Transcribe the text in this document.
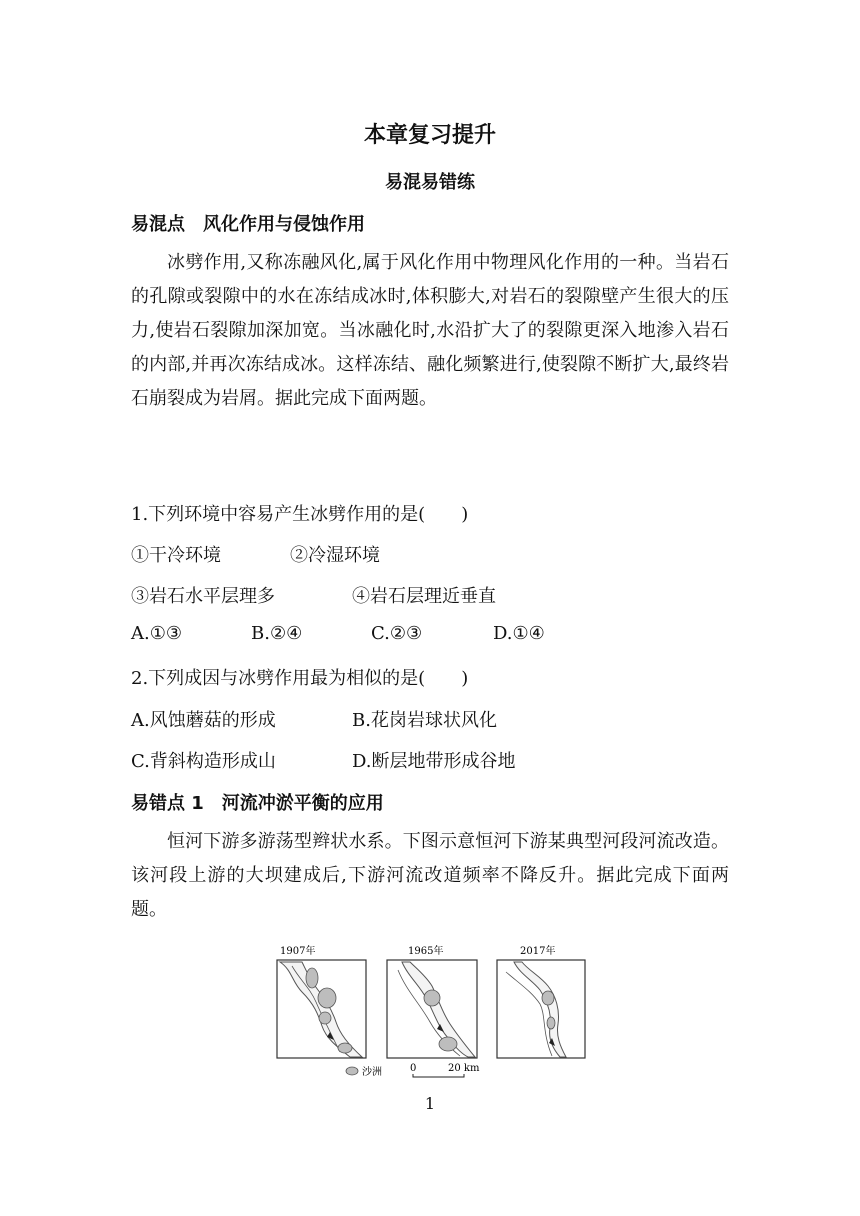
本章复习提升
易混易错练
易混点 风化作用与侵蚀作用
冰劈作用,又称冻融风化,属于风化作用中物理风化作用的一种。当岩石的孔隙或裂隙中的水在冻结成冰时,体积膨大,对岩石的裂隙壁产生很大的压力,使岩石裂隙加深加宽。当冰融化时,水沿扩大了的裂隙更深入地渗入岩石的内部,并再次冻结成冰。这样冻结、融化频繁进行,使裂隙不断扩大,最终岩石崩裂成为岩屑。据此完成下面两题。
1.下列环境中容易产生冰劈作用的是(　　)
①干冷环境	②冷湿环境
③岩石水平层理多	④岩石层理近垂直
A.①③	B.②④	C.②③	D.①④
2.下列成因与冰劈作用最为相似的是(　　)
A.风蚀蘑菇的形成	B.花岗岩球状风化
C.背斜构造形成山	D.断层地带形成谷地
易错点 1 河流冲淤平衡的应用
恒河下游多游荡型辫状水系。下图示意恒河下游某典型河段河流改造。该河段上游的大坝建成后,下游河流改道频率不降反升。据此完成下面两题。
1907年	1965年	2017年
沙洲	0	20 km
1
